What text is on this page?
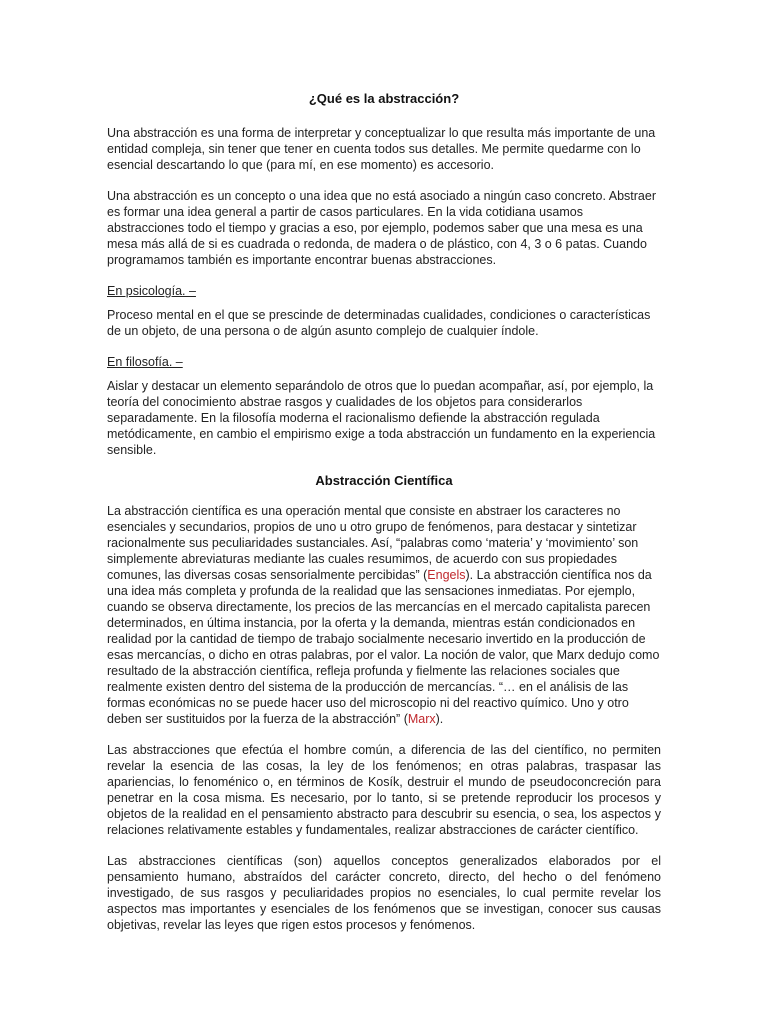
¿Qué es la abstracción?

Una abstracción es una forma de interpretar y conceptualizar lo que resulta más importante de una entidad compleja, sin tener que tener en cuenta todos sus detalles. Me permite quedarme con lo esencial descartando lo que (para mí, en ese momento) es accesorio.

Una abstracción es un concepto o una idea que no está asociado a ningún caso concreto. Abstraer es formar una idea general a partir de casos particulares. En la vida cotidiana usamos abstracciones todo el tiempo y gracias a eso, por ejemplo, podemos saber que una mesa es una mesa más allá de si es cuadrada o redonda, de madera o de plástico, con 4, 3 o 6 patas. Cuando programamos también es importante encontrar buenas abstracciones.

En psicología. –

Proceso mental en el que se prescinde de determinadas cualidades, condiciones o características de un objeto, de una persona o de algún asunto complejo de cualquier índole.

En filosofía. –

Aislar y destacar un elemento separándolo de otros que lo puedan acompañar, así, por ejemplo, la teoría del conocimiento abstrae rasgos y cualidades de los objetos para considerarlos separadamente. En la filosofía moderna el racionalismo defiende la abstracción regulada metódicamente, en cambio el empirismo exige a toda abstracción un fundamento en la experiencia sensible.

Abstracción Científica

La abstracción científica es una operación mental que consiste en abstraer los caracteres no esenciales y secundarios, propios de uno u otro grupo de fenómenos, para destacar y sintetizar racionalmente sus peculiaridades sustanciales. Así, “palabras como ‘materia’ y ‘movimiento’ son simplemente abreviaturas mediante las cuales resumimos, de acuerdo con sus propiedades comunes, las diversas cosas sensorialmente percibidas” (Engels). La abstracción científica nos da una idea más completa y profunda de la realidad que las sensaciones inmediatas. Por ejemplo, cuando se observa directamente, los precios de las mercancías en el mercado capitalista parecen determinados, en última instancia, por la oferta y la demanda, mientras están condicionados en realidad por la cantidad de tiempo de trabajo socialmente necesario invertido en la producción de esas mercancías, o dicho en otras palabras, por el valor. La noción de valor, que Marx dedujo como resultado de la abstracción científica, refleja profunda y fielmente las relaciones sociales que realmente existen dentro del sistema de la producción de mercancías. “… en el análisis de las formas económicas no se puede hacer uso del microscopio ni del reactivo químico. Uno y otro deben ser sustituidos por la fuerza de la abstracción” (Marx).

Las abstracciones que efectúa el hombre común, a diferencia de las del científico, no permiten revelar la esencia de las cosas, la ley de los fenómenos; en otras palabras, traspasar las apariencias, lo fenoménico o, en términos de Kosík, destruir el mundo de pseudoconcreción para penetrar en la cosa misma. Es necesario, por lo tanto, si se pretende reproducir los procesos y objetos de la realidad en el pensamiento abstracto para descubrir su esencia, o sea, los aspectos y relaciones relativamente estables y fundamentales, realizar abstracciones de carácter científico.

Las abstracciones científicas (son) aquellos conceptos generalizados elaborados por el pensamiento humano, abstraídos del carácter concreto, directo, del hecho o del fenómeno investigado, de sus rasgos y peculiaridades propios no esenciales, lo cual permite revelar los aspectos mas importantes y esenciales de los fenómenos que se investigan, conocer sus causas objetivas, revelar las leyes que rigen estos procesos y fenómenos.
